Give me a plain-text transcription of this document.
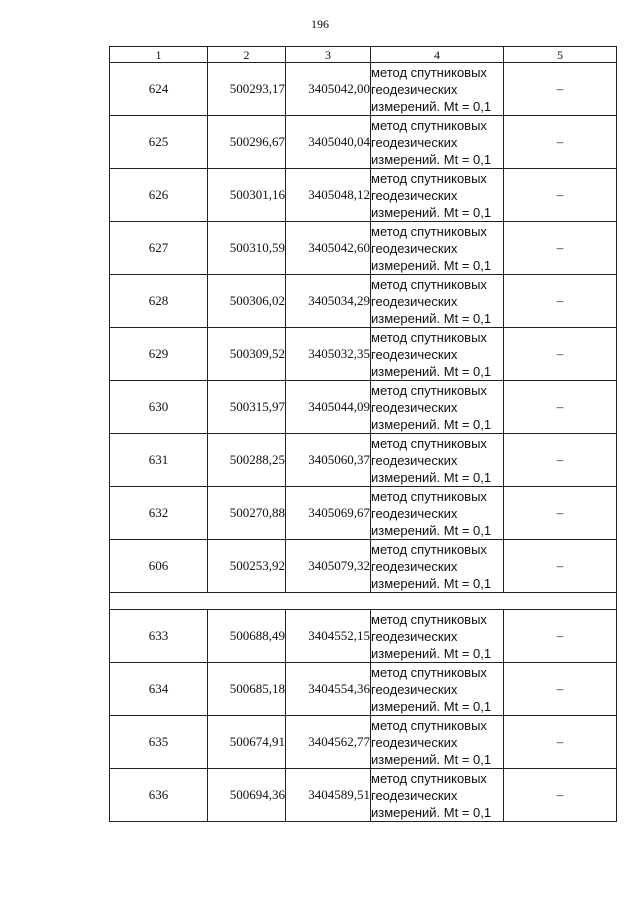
196
1	2	3	4	5
624	500293,17	3405042,00	метод спутниковых геодезических измерений. Mt = 0,1	–
625	500296,67	3405040,04	метод спутниковых геодезических измерений. Mt = 0,1	–
626	500301,16	3405048,12	метод спутниковых геодезических измерений. Mt = 0,1	–
627	500310,59	3405042,60	метод спутниковых геодезических измерений. Mt = 0,1	–
628	500306,02	3405034,29	метод спутниковых геодезических измерений. Mt = 0,1	–
629	500309,52	3405032,35	метод спутниковых геодезических измерений. Mt = 0,1	–
630	500315,97	3405044,09	метод спутниковых геодезических измерений. Mt = 0,1	–
631	500288,25	3405060,37	метод спутниковых геодезических измерений. Mt = 0,1	–
632	500270,88	3405069,67	метод спутниковых геодезических измерений. Mt = 0,1	–
606	500253,92	3405079,32	метод спутниковых геодезических измерений. Mt = 0,1	–

633	500688,49	3404552,15	метод спутниковых геодезических измерений. Mt = 0,1	–
634	500685,18	3404554,36	метод спутниковых геодезических измерений. Mt = 0,1	–
635	500674,91	3404562,77	метод спутниковых геодезических измерений. Mt = 0,1	–
636	500694,36	3404589,51	метод спутниковых геодезических измерений. Mt = 0,1	–
